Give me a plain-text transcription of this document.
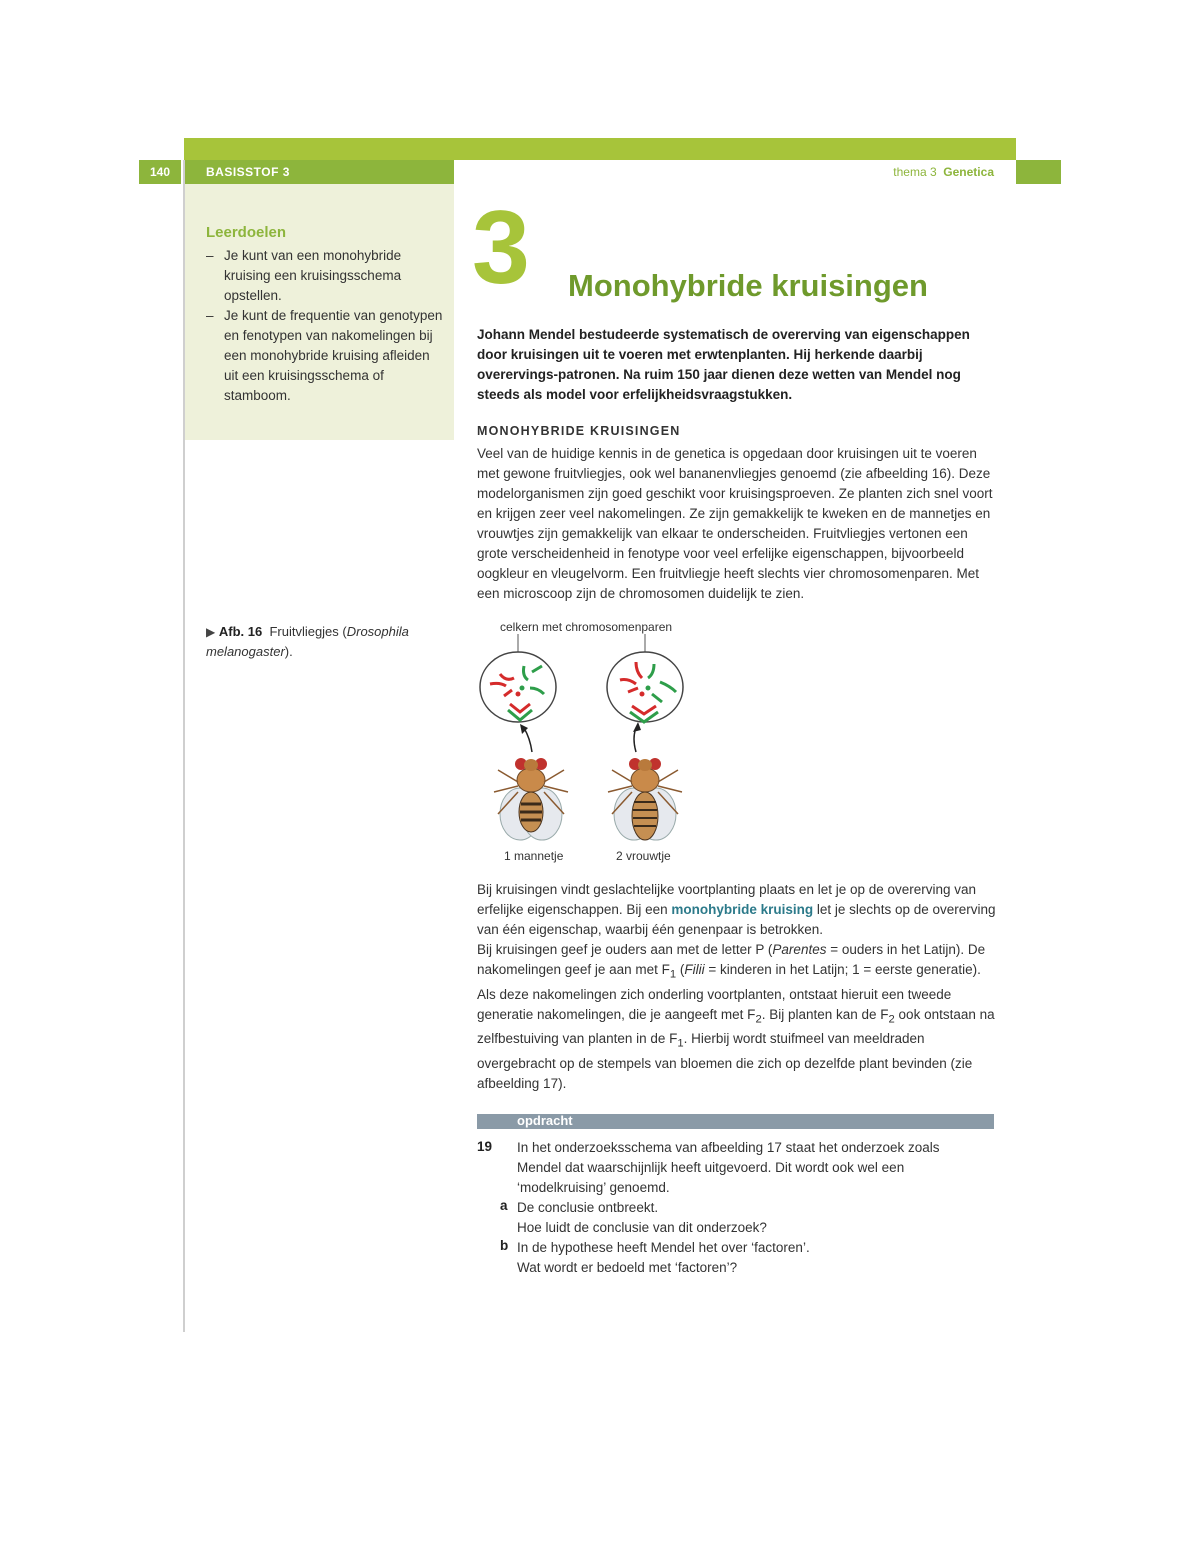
140	BASISSTOF 3	thema 3 Genetica
Leerdoelen
– Je kunt van een monohybride kruising een kruisingsschema opstellen.
– Je kunt de frequentie van genotypen en fenotypen van nakomelingen bij een monohybride kruising afleiden uit een kruisingsschema of stamboom.
3 Monohybride kruisingen
Johann Mendel bestudeerde systematisch de overerving van eigenschappen door kruisingen uit te voeren met erwtenplanten. Hij herkende daarbij overervings-patronen. Na ruim 150 jaar dienen deze wetten van Mendel nog steeds als model voor erfelijkheidsvraagstukken.
MONOHYBRIDE KRUISINGEN
Veel van de huidige kennis in de genetica is opgedaan door kruisingen uit te voeren met gewone fruitvliegjes, ook wel bananenvliegjes genoemd (zie afbeelding 16). Deze modelorganismen zijn goed geschikt voor kruisingsproeven. Ze planten zich snel voort en krijgen zeer veel nakomelingen. Ze zijn gemakkelijk te kweken en de mannetjes en vrouwtjes zijn gemakkelijk van elkaar te onderscheiden. Fruitvliegjes vertonen een grote verscheidenheid in fenotype voor veel erfelijke eigenschappen, bijvoorbeeld oogkleur en vleugelvorm. Een fruitvliegje heeft slechts vier chromosomenparen. Met een microscoop zijn de chromosomen duidelijk te zien.
▶ Afb. 16 Fruitvliegjes (Drosophila melanogaster).
celkern met chromosomenparen
1 mannetje	2 vrouwtje
Bij kruisingen vindt geslachtelijke voortplanting plaats en let je op de overerving van erfelijke eigenschappen. Bij een monohybride kruising let je slechts op de overerving van één eigenschap, waarbij één genenpaar is betrokken.
Bij kruisingen geef je ouders aan met de letter P (Parentes = ouders in het Latijn). De nakomelingen geef je aan met $F_1$ (Filii = kinderen in het Latijn; 1 = eerste generatie). Als deze nakomelingen zich onderling voortplanten, ontstaat hieruit een tweede generatie nakomelingen, die je aangeeft met $F_2$. Bij planten kan de $F_2$ ook ontstaan na zelfbestuiving van planten in de $F_1$. Hierbij wordt stuifmeel van meeldraden overgebracht op de stempels van bloemen die zich op dezelfde plant bevinden (zie afbeelding 17).
opdracht
19 In het onderzoeksschema van afbeelding 17 staat het onderzoek zoals Mendel dat waarschijnlijk heeft uitgevoerd. Dit wordt ook wel een ‘modelkruising’ genoemd.
a De conclusie ontbreekt.
Hoe luidt de conclusie van dit onderzoek?
b In de hypothese heeft Mendel het over ‘factoren’.
Wat wordt er bedoeld met ‘factoren’?
